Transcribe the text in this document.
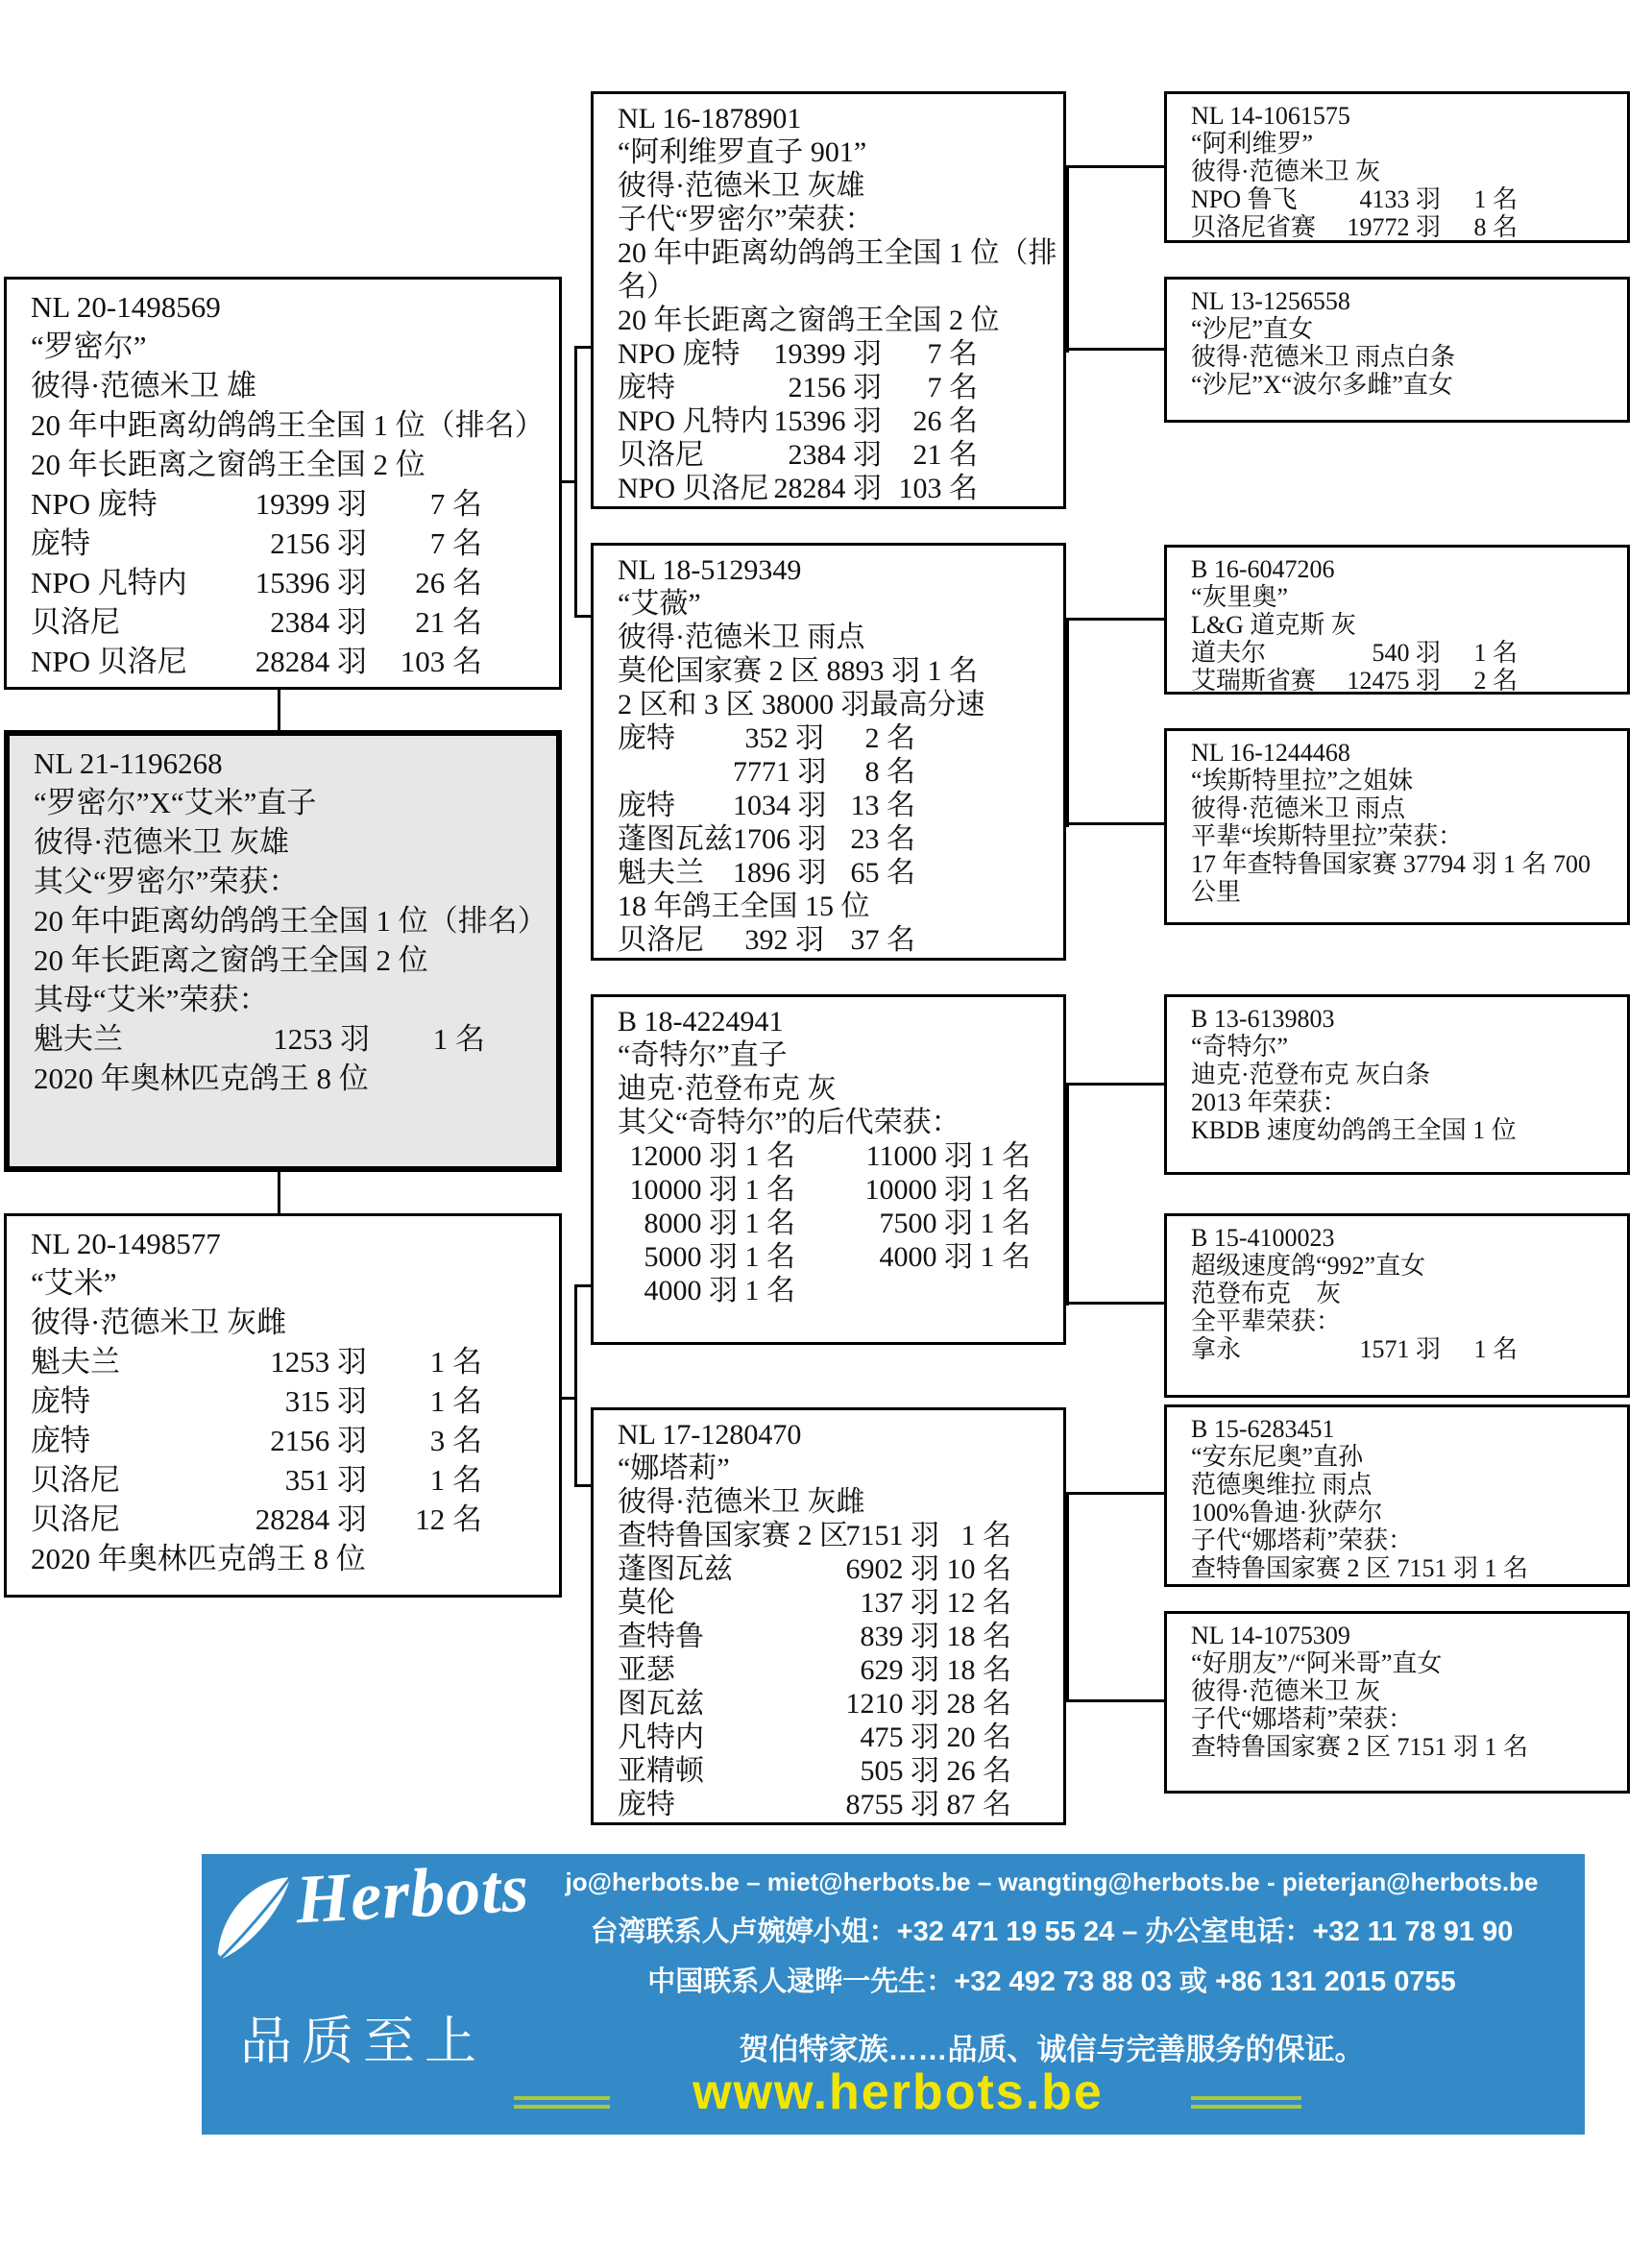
NL 20-1498569
“罗密尔”
彼得·范德米卫 雄
20 年中距离幼鸽鸽王全国 1 位（排名）
20 年长距离之窗鸽王全国 2 位
NPO 庞特	19399 羽	7 名
庞特	2156 羽	7 名
NPO 凡特内	15396 羽	26 名
贝洛尼	2384 羽	21 名
NPO 贝洛尼	28284 羽	103 名
NL 21-1196268
“罗密尔”X“艾米”直子
彼得·范德米卫 灰雄
其父“罗密尔”荣获：
20 年中距离幼鸽鸽王全国 1 位（排名）
20 年长距离之窗鸽王全国 2 位
其母“艾米”荣获：
魁夫兰	1253 羽	1 名
2020 年奥林匹克鸽王 8 位
NL 20-1498577
“艾米”
彼得·范德米卫 灰雌
魁夫兰	1253 羽	1 名
庞特	315 羽	1 名
庞特	2156 羽	3 名
贝洛尼	351 羽	1 名
贝洛尼	28284 羽	12 名
2020 年奥林匹克鸽王 8 位
NL 16-1878901
“阿利维罗直子 901”
彼得·范德米卫 灰雄
子代“罗密尔”荣获：
20 年中距离幼鸽鸽王全国 1 位（排
名）
20 年长距离之窗鸽王全国 2 位
NPO 庞特	19399 羽	7 名
庞特	2156 羽	7 名
NPO 凡特内 15396 羽	26 名
贝洛尼	2384 羽	21 名
NPO 贝洛尼 28284 羽 103 名
NL 18-5129349
“艾薇”
彼得·范德米卫 雨点
莫伦国家赛 2 区 8893 羽 1 名
2 区和 3 区 38000 羽最高分速
庞特	352 羽	2 名
7771 羽	8 名
庞特	1034 羽 13 名
蓬图瓦兹 1706 羽 23 名
魁夫兰	1896 羽 65 名
18 年鸽王全国 15 位
贝洛尼	392 羽 37 名
B 18-4224941
“奇特尔”直子
迪克·范登布克 灰
其父“奇特尔”的后代荣获：
12000 羽 1 名	11000 羽 1 名
10000 羽 1 名	10000 羽 1 名
8000 羽 1 名	7500 羽 1 名
5000 羽 1 名	4000 羽 1 名
4000 羽 1 名
NL 17-1280470
“娜塔莉”
彼得·范德米卫 灰雌
查特鲁国家赛 2 区
7151 羽 1 名
蓬图瓦兹	6902 羽 10 名
莫伦	137 羽 12 名
查特鲁	839 羽 18 名
亚瑟	629 羽 18 名
图瓦兹	1210 羽 28 名
凡特内	475 羽 20 名
亚精顿	505 羽 26 名
庞特	8755 羽 87 名
NL 14-1061575
“阿利维罗”
彼得·范德米卫 灰
NPO 鲁飞	4133 羽	1 名
贝洛尼省赛	19772 羽	8 名
NL 13-1256558
“沙尼”直女
彼得·范德米卫 雨点白条
“沙尼”X“波尔多雌”直女
B 16-6047206
“灰里奥”
L&G 道克斯 灰
道夫尔	540 羽	1 名
艾瑞斯省赛	12475 羽	2 名
NL 16-1244468
“埃斯特里拉”之姐妹
彼得·范德米卫 雨点
平辈“埃斯特里拉”荣获：
17 年查特鲁国家赛 37794 羽 1 名 700
公里
B 13-6139803
“奇特尔”
迪克·范登布克 灰白条
2013 年荣获：
KBDB 速度幼鸽鸽王全国 1 位
B 15-4100023
超级速度鸽“992”直女
范登布克　灰
全平辈荣获：
拿永	1571 羽	1 名
B 15-6283451
“安东尼奥”直孙
范德奥维拉 雨点
100%鲁迪·狄萨尔
子代“娜塔莉”荣获：
查特鲁国家赛 2 区 7151 羽 1 名
NL 14-1075309
“好朋友”/“阿米哥”直女
彼得·范德米卫 灰
子代“娜塔莉”荣获：
查特鲁国家赛 2 区 7151 羽 1 名
Herbots
品质至上
jo@herbots.be – miet@herbots.be – wangting@herbots.be - pieterjan@herbots.be
台湾联系人卢婉婷小姐：+32 471 19 55 24 – 办公室电话：+32 11 78 91 90
中国联系人逯晔一先生：+32 492 73 88 03 或 +86 131 2015 0755
贺伯特家族……品质、诚信与完善服务的保证。
www.herbots.be
